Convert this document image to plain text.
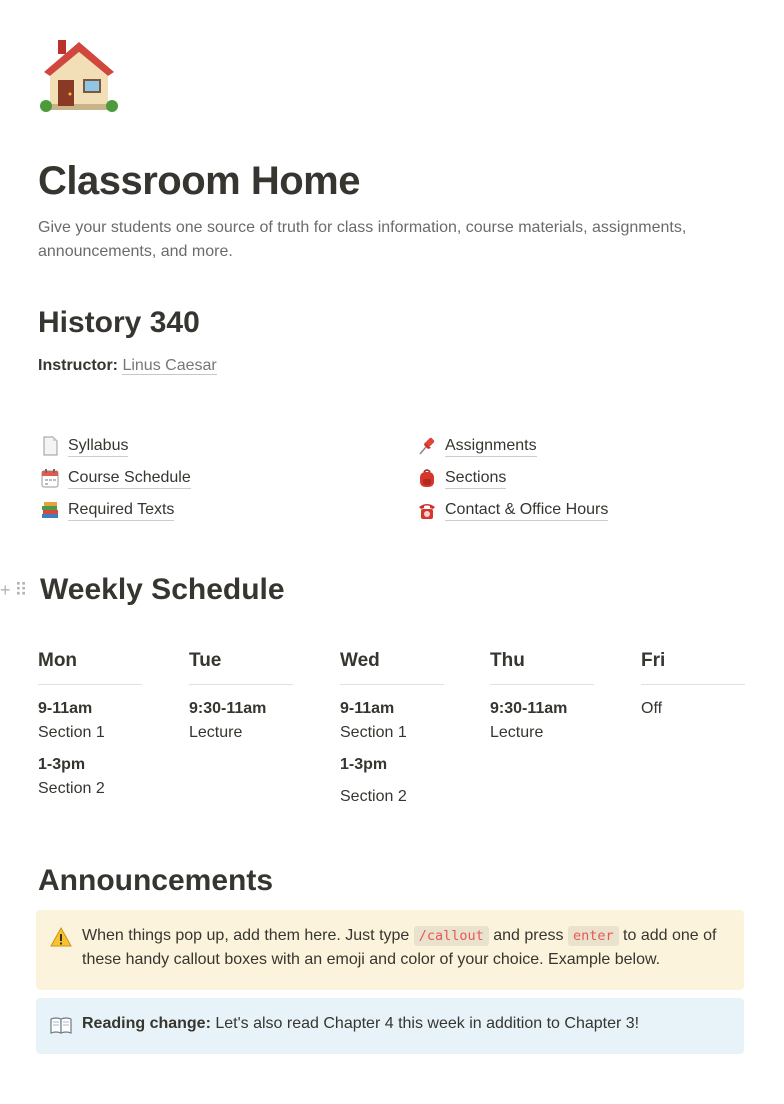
Classroom Home

Give your students one source of truth for class information, course materials, assignments, announcements, and more.

History 340
Instructor: Linus Caesar
Syllabus
Course Schedule
Required Texts
Assignments
Sections
Contact & Office Hours
+ ⠿ Weekly Schedule
Mon
9-11am
Section 1
1-3pm
Section 2
Tue
9:30-11am
Lecture
Wed
9-11am
Section 1
1-3pm
Section 2
Thu
9:30-11am
Lecture
Fri
Off
Announcements
When things pop up, add them here. Just type /callout and press enter to add one of these handy callout boxes with an emoji and color of your choice. Example below.
Reading change: Let's also read Chapter 4 this week in addition to Chapter 3!
